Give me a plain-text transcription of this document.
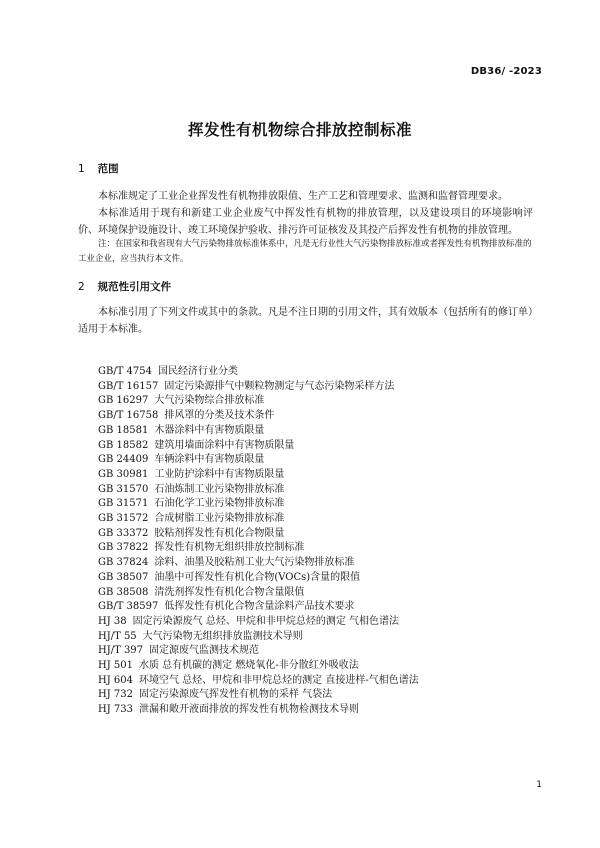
DB36/ -2023
挥发性有机物综合排放控制标准
1 范围
本标准规定了工业企业挥发性有机物排放限值、生产工艺和管理要求、监测和监督管理要求。
本标准适用于现有和新建工业企业废气中挥发性有机物的排放管理，以及建设项目的环境影响评价、环境保护设施设计、竣工环境保护验收、排污许可证核发及其投产后挥发性有机物的排放管理。
注：在国家和我省现有大气污染物排放标准体系中，凡是无行业性大气污染物排放标准或者挥发性有机物排放标准的工业企业，应当执行本文件。
2 规范性引用文件
本标准引用了下列文件或其中的条款。凡是不注日期的引用文件，其有效版本（包括所有的修订单）适用于本标准。
GB/T 4754 国民经济行业分类
GB/T 16157 固定污染源排气中颗粒物测定与气态污染物采样方法
GB 16297 大气污染物综合排放标准
GB/T 16758 排风罩的分类及技术条件
GB 18581 木器涂料中有害物质限量
GB 18582 建筑用墙面涂料中有害物质限量
GB 24409 车辆涂料中有害物质限量
GB 30981 工业防护涂料中有害物质限量
GB 31570 石油炼制工业污染物排放标准
GB 31571 石油化学工业污染物排放标准
GB 31572 合成树脂工业污染物排放标准
GB 33372 胶粘剂挥发性有机化合物限量
GB 37822 挥发性有机物无组织排放控制标准
GB 37824 涂料、油墨及胶粘剂工业大气污染物排放标准
GB 38507 油墨中可挥发性有机化合物(VOCs)含量的限值
GB 38508 清洗剂挥发性有机化合物含量限值
GB/T 38597 低挥发性有机化合物含量涂料产品技术要求
HJ 38 固定污染源废气 总烃、甲烷和非甲烷总烃的测定 气相色谱法
HJ/T 55 大气污染物无组织排放监测技术导则
HJ/T 397 固定源废气监测技术规范
HJ 501 水质 总有机碳的测定 燃烧氧化-非分散红外吸收法
HJ 604 环境空气 总烃、甲烷和非甲烷总烃的测定 直接进样-气相色谱法
HJ 732 固定污染源废气挥发性有机物的采样 气袋法
HJ 733 泄漏和敞开液面排放的挥发性有机物检测技术导则
1
